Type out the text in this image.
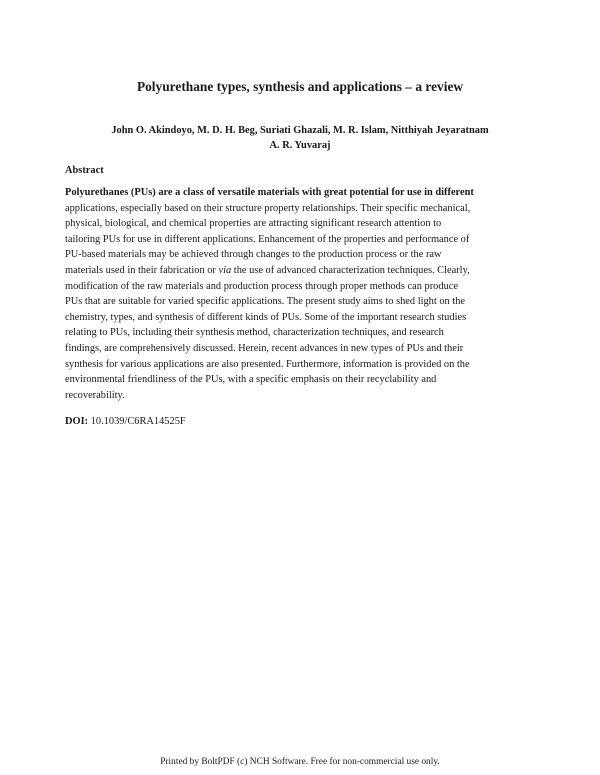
Polyurethane types, synthesis and applications – a review
John O. Akindoyo, M. D. H. Beg, Suriati Ghazali, M. R. Islam, Nitthiyah Jeyaratnam
A. R. Yuvaraj
Abstract
Polyurethanes (PUs) are a class of versatile materials with great potential for use in different
applications, especially based on their structure property relationships. Their specific mechanical,
physical, biological, and chemical properties are attracting significant research attention to
tailoring PUs for use in different applications. Enhancement of the properties and performance of
PU-based materials may be achieved through changes to the production process or the raw
materials used in their fabrication or via the use of advanced characterization techniques. Clearly,
modification of the raw materials and production process through proper methods can produce
PUs that are suitable for varied specific applications. The present study aims to shed light on the
chemistry, types, and synthesis of different kinds of PUs. Some of the important research studies
relating to PUs, including their synthesis method, characterization techniques, and research
findings, are comprehensively discussed. Herein, recent advances in new types of PUs and their
synthesis for various applications are also presented. Furthermore, information is provided on the
environmental friendliness of the PUs, with a specific emphasis on their recyclability and
recoverability.
DOI: 10.1039/C6RA14525F
Printed by BoltPDF (c) NCH Software. Free for non-commercial use only.
